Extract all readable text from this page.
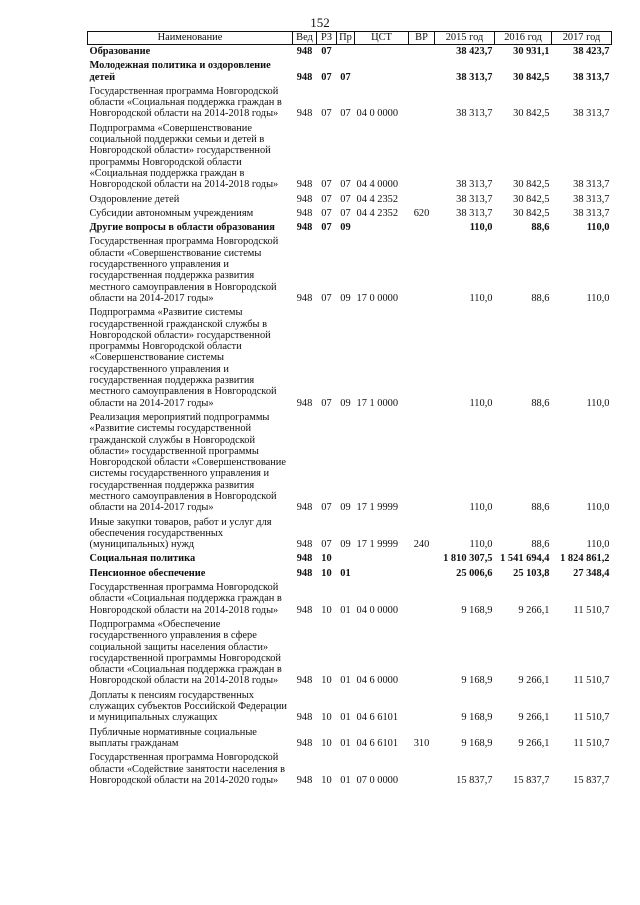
152
Наименование	Вед	РЗ	Пр	ЦСТ	ВР	2015 год	2016 год	2017 год
Образование	948	07				38 423,7	30 931,1	38 423,7
Молодежная политика и оздоровление детей	948	07	07			38 313,7	30 842,5	38 313,7
Государственная программа Новгородской области «Социальная поддержка граждан в Новгородской области на 2014-2018 годы»	948	07	07	04 0 0000		38 313,7	30 842,5	38 313,7
Подпрограмма «Совершенствование социальной поддержки семьи и детей в Новгородской области» государственной программы Новгородской области «Социальная поддержка граждан в Новгородской области на 2014-2018 годы»	948	07	07	04 4 0000		38 313,7	30 842,5	38 313,7
Оздоровление детей	948	07	07	04 4 2352		38 313,7	30 842,5	38 313,7
Субсидии автономным учреждениям	948	07	07	04 4 2352	620	38 313,7	30 842,5	38 313,7
Другие вопросы в области образования	948	07	09			110,0	88,6	110,0
Государственная программа Новгородской области «Совершенствование системы государственного управления и государственная поддержка развития местного самоуправления в Новгородской области на 2014-2017 годы»	948	07	09	17 0 0000		110,0	88,6	110,0
Подпрограмма «Развитие системы государственной гражданской службы в Новгородской области» государственной программы Новгородской области «Совершенствование системы государственного управления и государственная поддержка развития местного самоуправления в Новгородской области на 2014-2017 годы»	948	07	09	17 1 0000		110,0	88,6	110,0
Реализация мероприятий подпрограммы «Развитие системы государственной гражданской службы в Новгородской области» государственной программы Новгородской области «Совершенствование системы государственного управления и государственная поддержка развития местного самоуправления в Новгородской области на 2014-2017 годы»	948	07	09	17 1 9999		110,0	88,6	110,0
Иные закупки товаров, работ и услуг для обеспечения государственных (муниципальных) нужд	948	07	09	17 1 9999	240	110,0	88,6	110,0
Социальная политика	948	10				1 810 307,5	1 541 694,4	1 824 861,2
Пенсионное обеспечение	948	10	01			25 006,6	25 103,8	27 348,4
Государственная программа Новгородской области «Социальная поддержка граждан в Новгородской области на 2014-2018 годы»	948	10	01	04 0 0000		9 168,9	9 266,1	11 510,7
Подпрограмма «Обеспечение государственного управления в сфере социальной защиты населения области» государственной программы Новгородской области «Социальная поддержка граждан в Новгородской области на 2014-2018 годы»	948	10	01	04 6 0000		9 168,9	9 266,1	11 510,7
Доплаты к пенсиям государственных служащих субъектов Российской Федерации и муниципальных служащих	948	10	01	04 6 6101		9 168,9	9 266,1	11 510,7
Публичные нормативные социальные выплаты гражданам	948	10	01	04 6 6101	310	9 168,9	9 266,1	11 510,7
Государственная программа Новгородской области «Содействие занятости населения в Новгородской области на 2014-2020 годы»	948	10	01	07 0 0000		15 837,7	15 837,7	15 837,7
